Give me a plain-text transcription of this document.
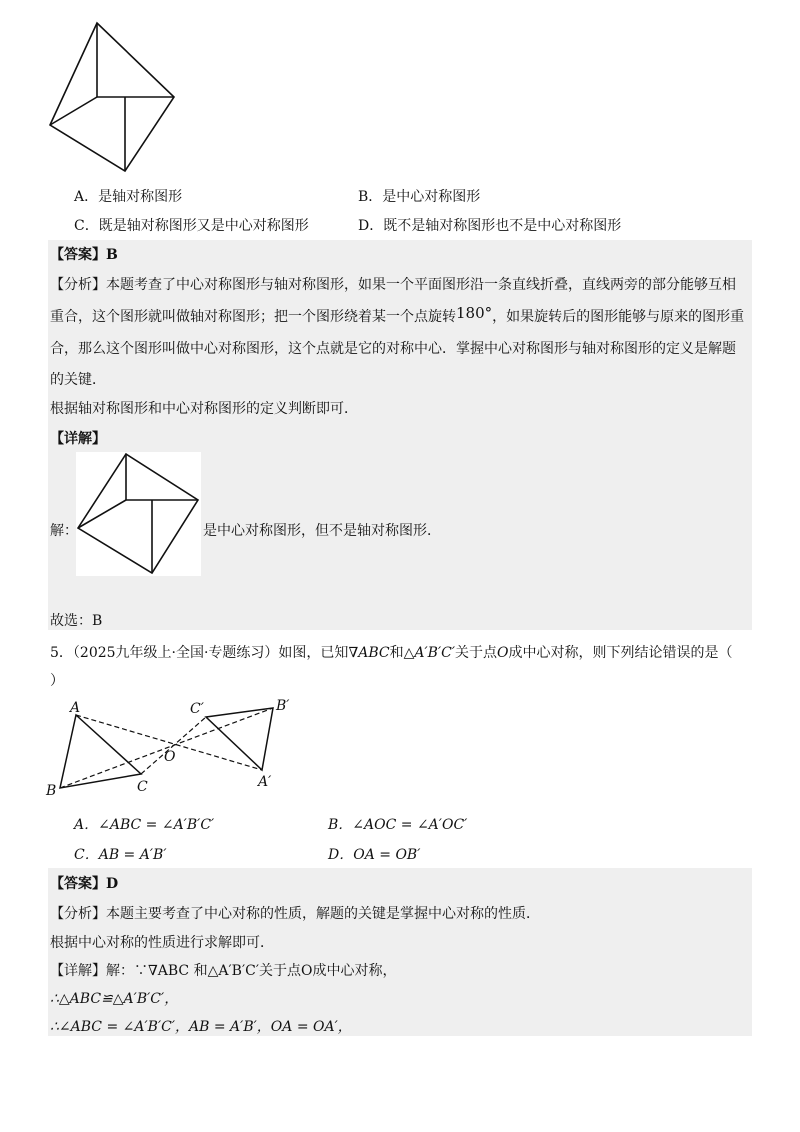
A．是轴对称图形	B．是中心对称图形
C．既是轴对称图形又是中心对称图形	D．既不是轴对称图形也不是中心对称图形
【答案】B
【分析】本题考查了中心对称图形与轴对称图形，如果一个平面图形沿一条直线折叠，直线两旁的部分能够互相
重合，这个图形就叫做轴对称图形；把一个图形绕着某一个点旋转180°，如果旋转后的图形能够与原来的图形重
合，那么这个图形叫做中心对称图形，这个点就是它的对称中心．掌握中心对称图形与轴对称图形的定义是解题
的关键．
根据轴对称图形和中心对称图形的定义判断即可．
【详解】
解：	是中心对称图形，但不是轴对称图形．
故选：B
5．（2025九年级上·全国·专题练习）如图，已知∇ABC和△A′B′C′关于点O成中心对称，则下列结论错误的是（
）
A
B	C
C′	B′
A′
O
A．∠ABC = ∠A′B′C′	B．∠AOC = ∠A′OC′
C．AB = A′B′	D．OA = OB′
【答案】D
【分析】本题主要考查了中心对称的性质，解题的关键是掌握中心对称的性质．
根据中心对称的性质进行求解即可．
【详解】解：∵∇ABC 和△A′B′C′关于点O成中心对称，
∴△ABC≌△A′B′C′，
∴∠ABC = ∠A′B′C′，AB = A′B′，OA = OA′，
